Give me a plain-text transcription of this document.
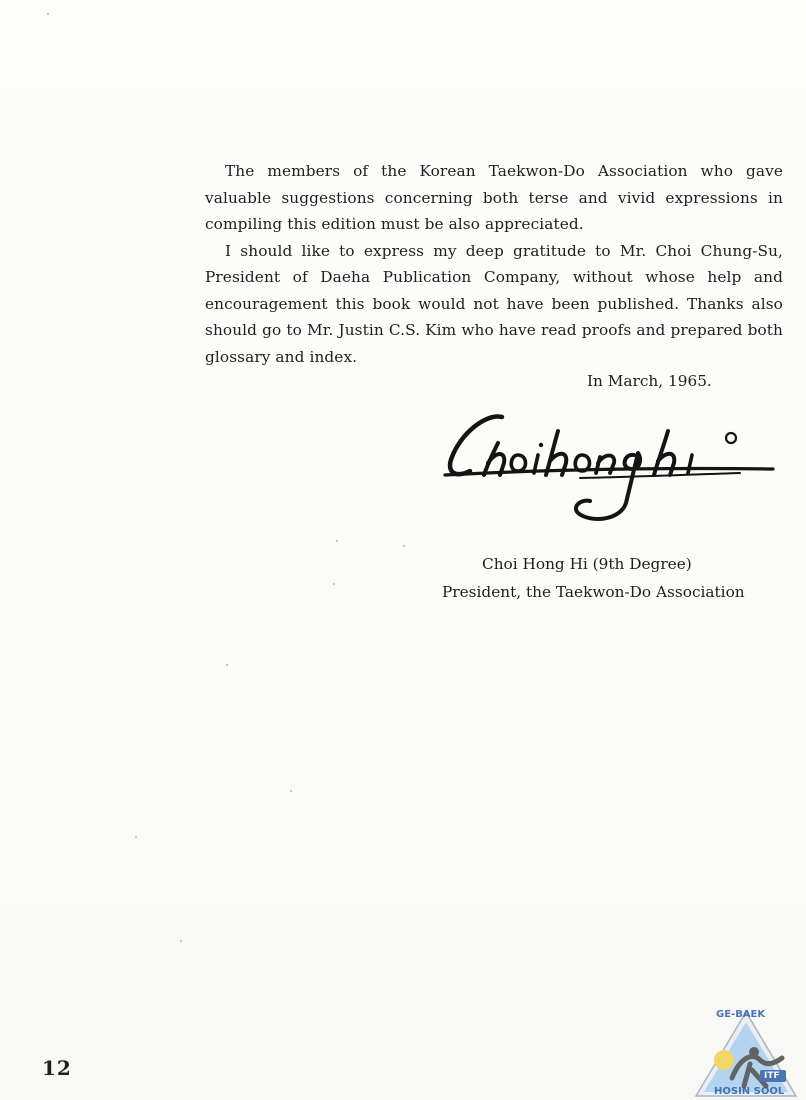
The members of the Korean Taekwon-Do Association who gave valuable suggestions concerning both terse and vivid expressions in compiling this edition must be also appreciated.

I should like to express my deep gratitude to Mr. Choi Chung-Su, President of Daeha Publication Company, without whose help and encouragement this book would not have been published. Thanks also should go to Mr. Justin C.S. Kim who have read proofs and prepared both glossary and index.

In March, 1965.
Choi Hong Hi (9th Degree)
President, the Taekwon-Do Association
12
GE-BAEK
ITF
HOSIN SOOL
